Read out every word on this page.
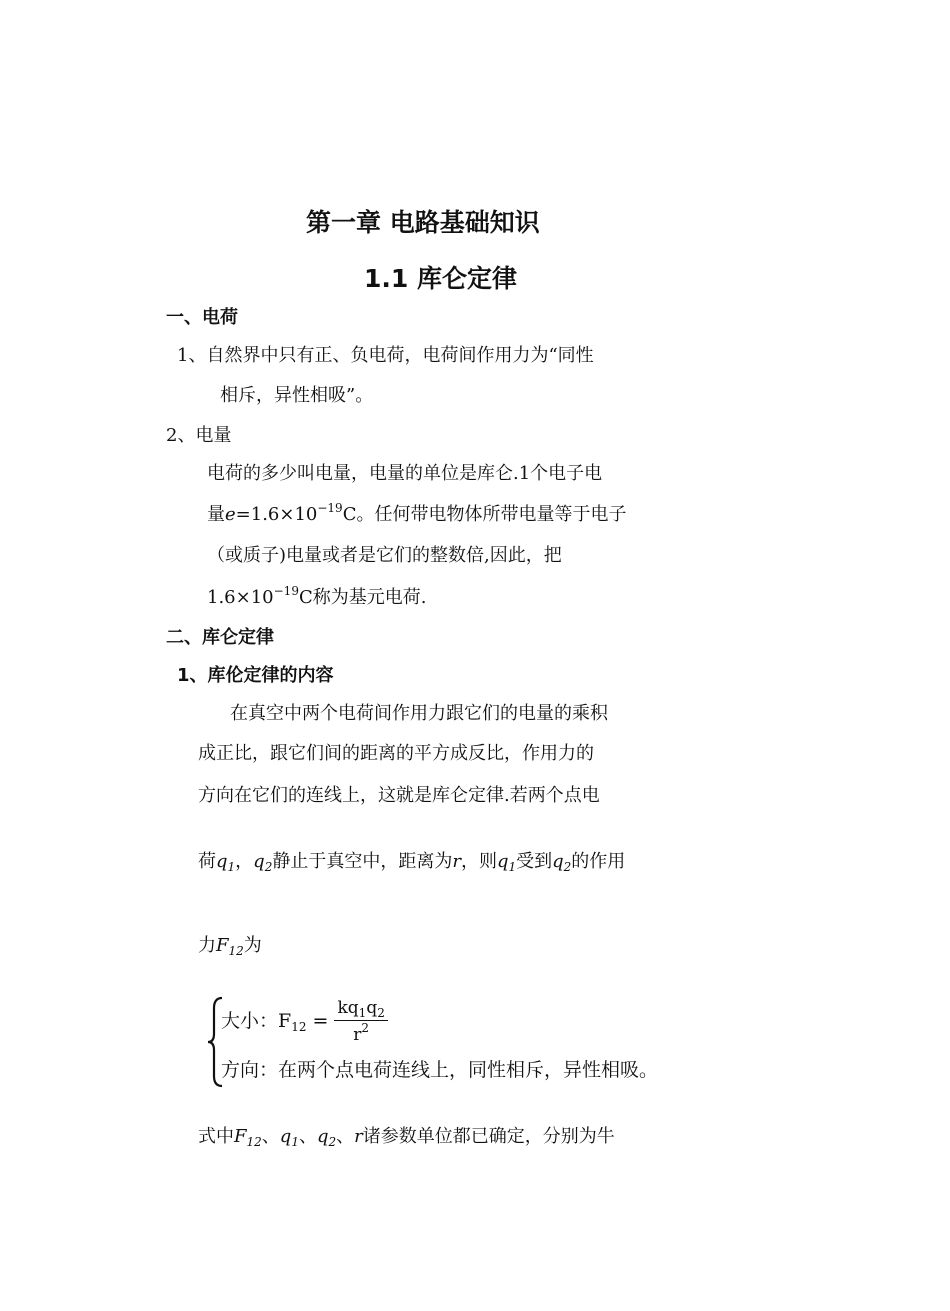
第一章 电路基础知识
1.1 库仑定律
一、电荷
1、自然界中只有正、负电荷，电荷间作用力为“同性
相斥，异性相吸”。
2、电量
电荷的多少叫电量，电量的单位是库仑.1个电子电
量$e=1.6\times 10^{-19}C$。任何带电物体所带电量等于电子
（或质子)电量或者是它们的整数倍,因此，把
$1.6\times 10^{-19}C$称为基元电荷.
二、库仑定律
1、库伦定律的内容
在真空中两个电荷间作用力跟它们的电量的乘积
成正比，跟它们间的距离的平方成反比，作用力的
方向在它们的连线上，这就是库仑定律.若两个点电
荷$q_1$，$q_2$静止于真空中，距离为r，则$q_1$受到$q_2$的作用
力$F_{12}$为
大小：$F_{12} = \frac{kq_1q_2}{r^2}$
方向：在两个点电荷连线上，同性相斥，异性相吸。
式中$F_{12}$、$q_1$、$q_2$、r诸参数单位都已确定，分别为牛
